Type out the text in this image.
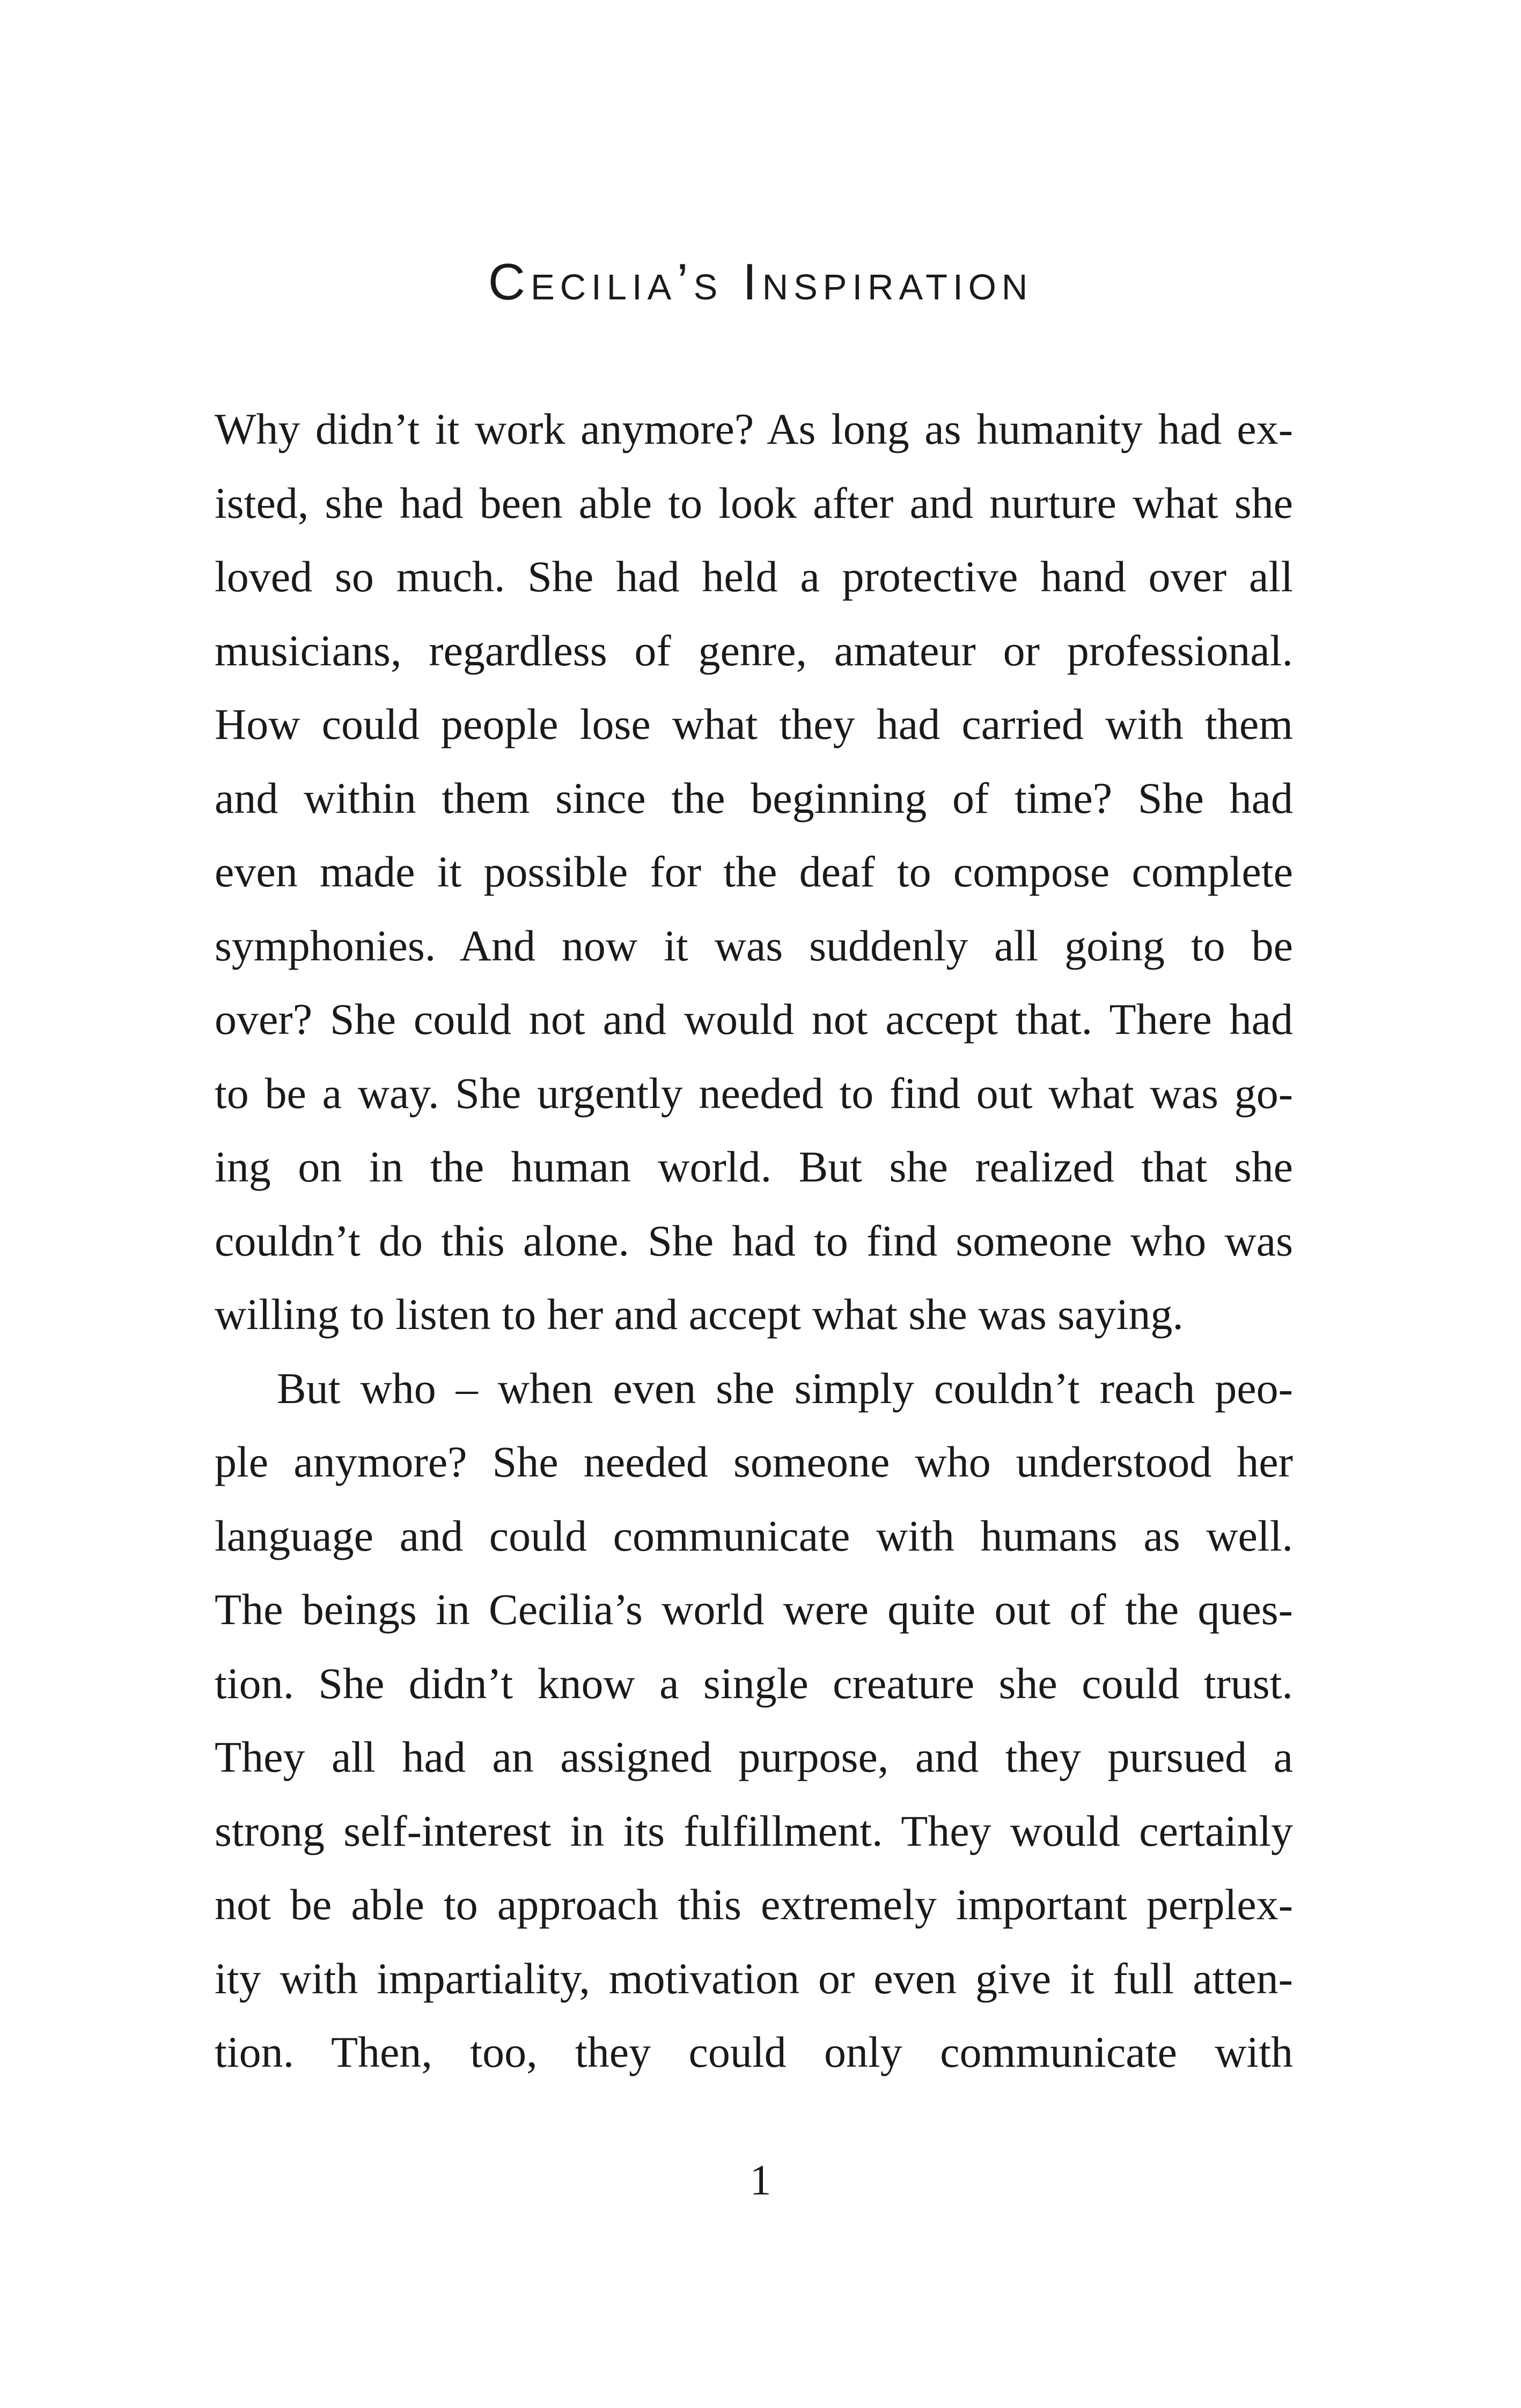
Cecilia’s Inspiration
Why didn’t it work anymore? As long as humanity had ex-
isted, she had been able to look after and nurture what she
loved so much. She had held a protective hand over all
musicians, regardless of genre, amateur or professional.
How could people lose what they had carried with them
and within them since the beginning of time? She had
even made it possible for the deaf to compose complete
symphonies. And now it was suddenly all going to be
over? She could not and would not accept that. There had
to be a way. She urgently needed to find out what was go-
ing on in the human world. But she realized that she
couldn’t do this alone. She had to find someone who was
willing to listen to her and accept what she was saying.
But who – when even she simply couldn’t reach peo-
ple anymore? She needed someone who understood her
language and could communicate with humans as well.
The beings in Cecilia’s world were quite out of the ques-
tion. She didn’t know a single creature she could trust.
They all had an assigned purpose, and they pursued a
strong self-interest in its fulfillment. They would certainly
not be able to approach this extremely important perplex-
ity with impartiality, motivation or even give it full atten-
tion. Then, too, they could only communicate with
1
